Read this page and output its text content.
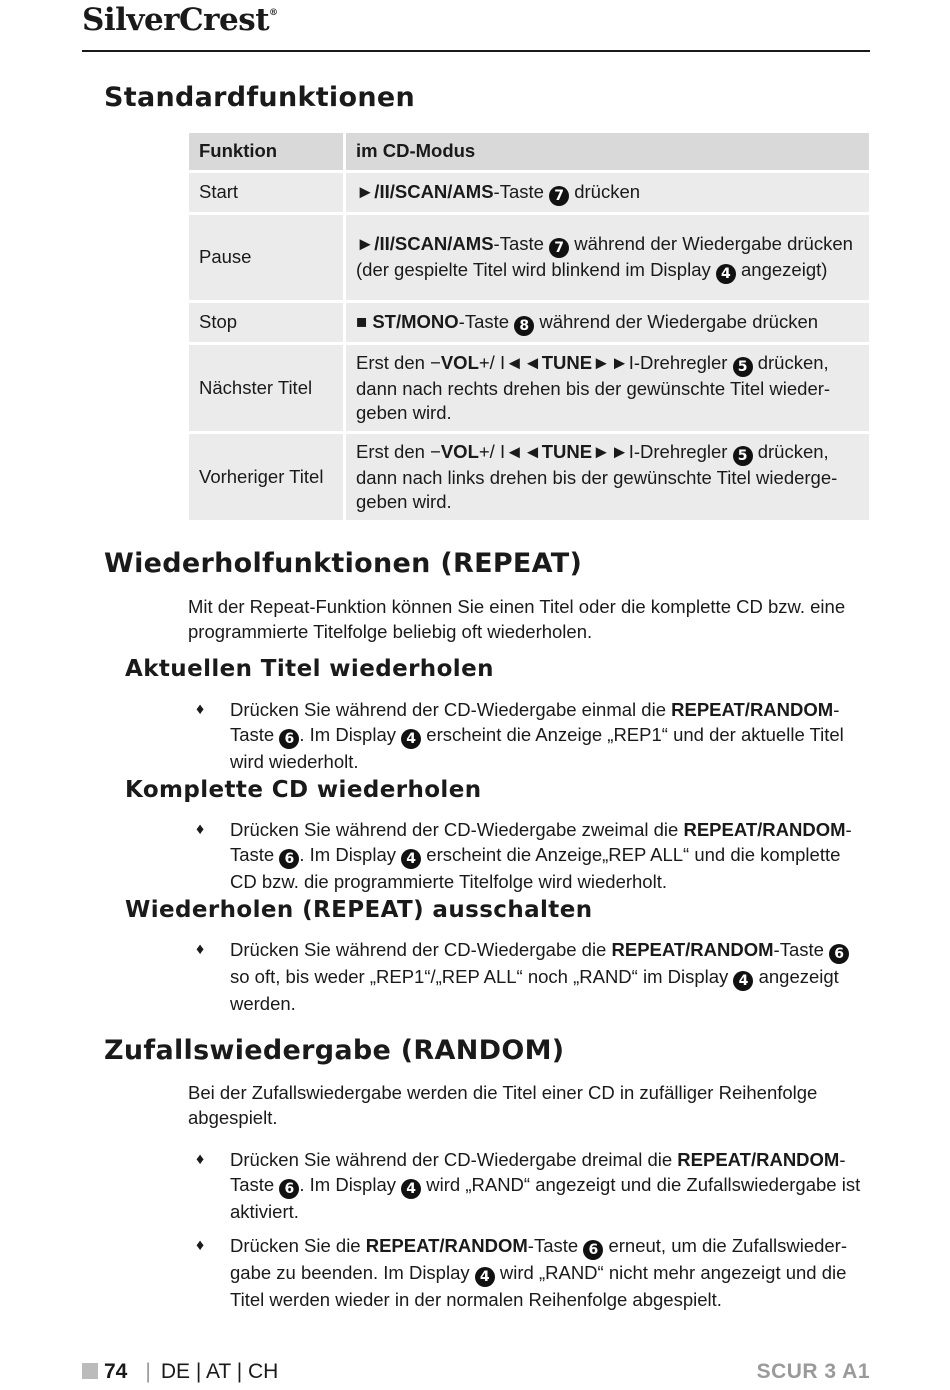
SilverCrest®
Standardfunktionen
Funktion	im CD-Modus
Start	►/II/SCAN/AMS-Taste 7 drücken
Pause	►/II/SCAN/AMS-Taste 7 während der Wiedergabe drücken (der gespielte Titel wird blinkend im Display 4 angezeigt)
Stop	■ ST/MONO-Taste 8 während der Wiedergabe drücken
Nächster Titel	Erst den −VOL+/ I◄◄TUNE►►I-Drehregler 5 drücken, dann nach rechts drehen bis der gewünschte Titel wieder-geben wird.
Vorheriger Titel	Erst den −VOL+/ I◄◄TUNE►►I-Drehregler 5 drücken, dann nach links drehen bis der gewünschte Titel wiederge-geben wird.
Wiederholfunktionen (REPEAT)
Mit der Repeat-Funktion können Sie einen Titel oder die komplette CD bzw. eine programmierte Titelfolge beliebig oft wiederholen.
Aktuellen Titel wiederholen
♦ Drücken Sie während der CD-Wiedergabe einmal die REPEAT/RANDOM-Taste 6 . Im Display 4 erscheint die Anzeige „REP1“ und der aktuelle Titel wird wiederholt.
Komplette CD wiederholen
♦ Drücken Sie während der CD-Wiedergabe zweimal die REPEAT/RANDOM-Taste 6 . Im Display 4 erscheint die Anzeige„REP ALL“ und die komplette CD bzw. die programmierte Titelfolge wird wiederholt.
Wiederholen (REPEAT) ausschalten
♦ Drücken Sie während der CD-Wiedergabe die REPEAT/RANDOM-Taste 6 so oft, bis weder „REP1“/„REP ALL“ noch „RAND“ im Display 4 angezeigt werden.
Zufallswiedergabe (RANDOM)
Bei der Zufallswiedergabe werden die Titel einer CD in zufälliger Reihenfolge abgespielt.
♦ Drücken Sie während der CD-Wiedergabe dreimal die REPEAT/RANDOM-Taste 6 . Im Display 4 wird „RAND“ angezeigt und die Zufallswiedergabe ist aktiviert.
♦ Drücken Sie die REPEAT/RANDOM-Taste 6 erneut, um die Zufallswieder-gabe zu beenden. Im Display 4 wird „RAND“ nicht mehr angezeigt und die Titel werden wieder in der normalen Reihenfolge abgespielt.
74 | DE | AT | CH	SCUR 3 A1
